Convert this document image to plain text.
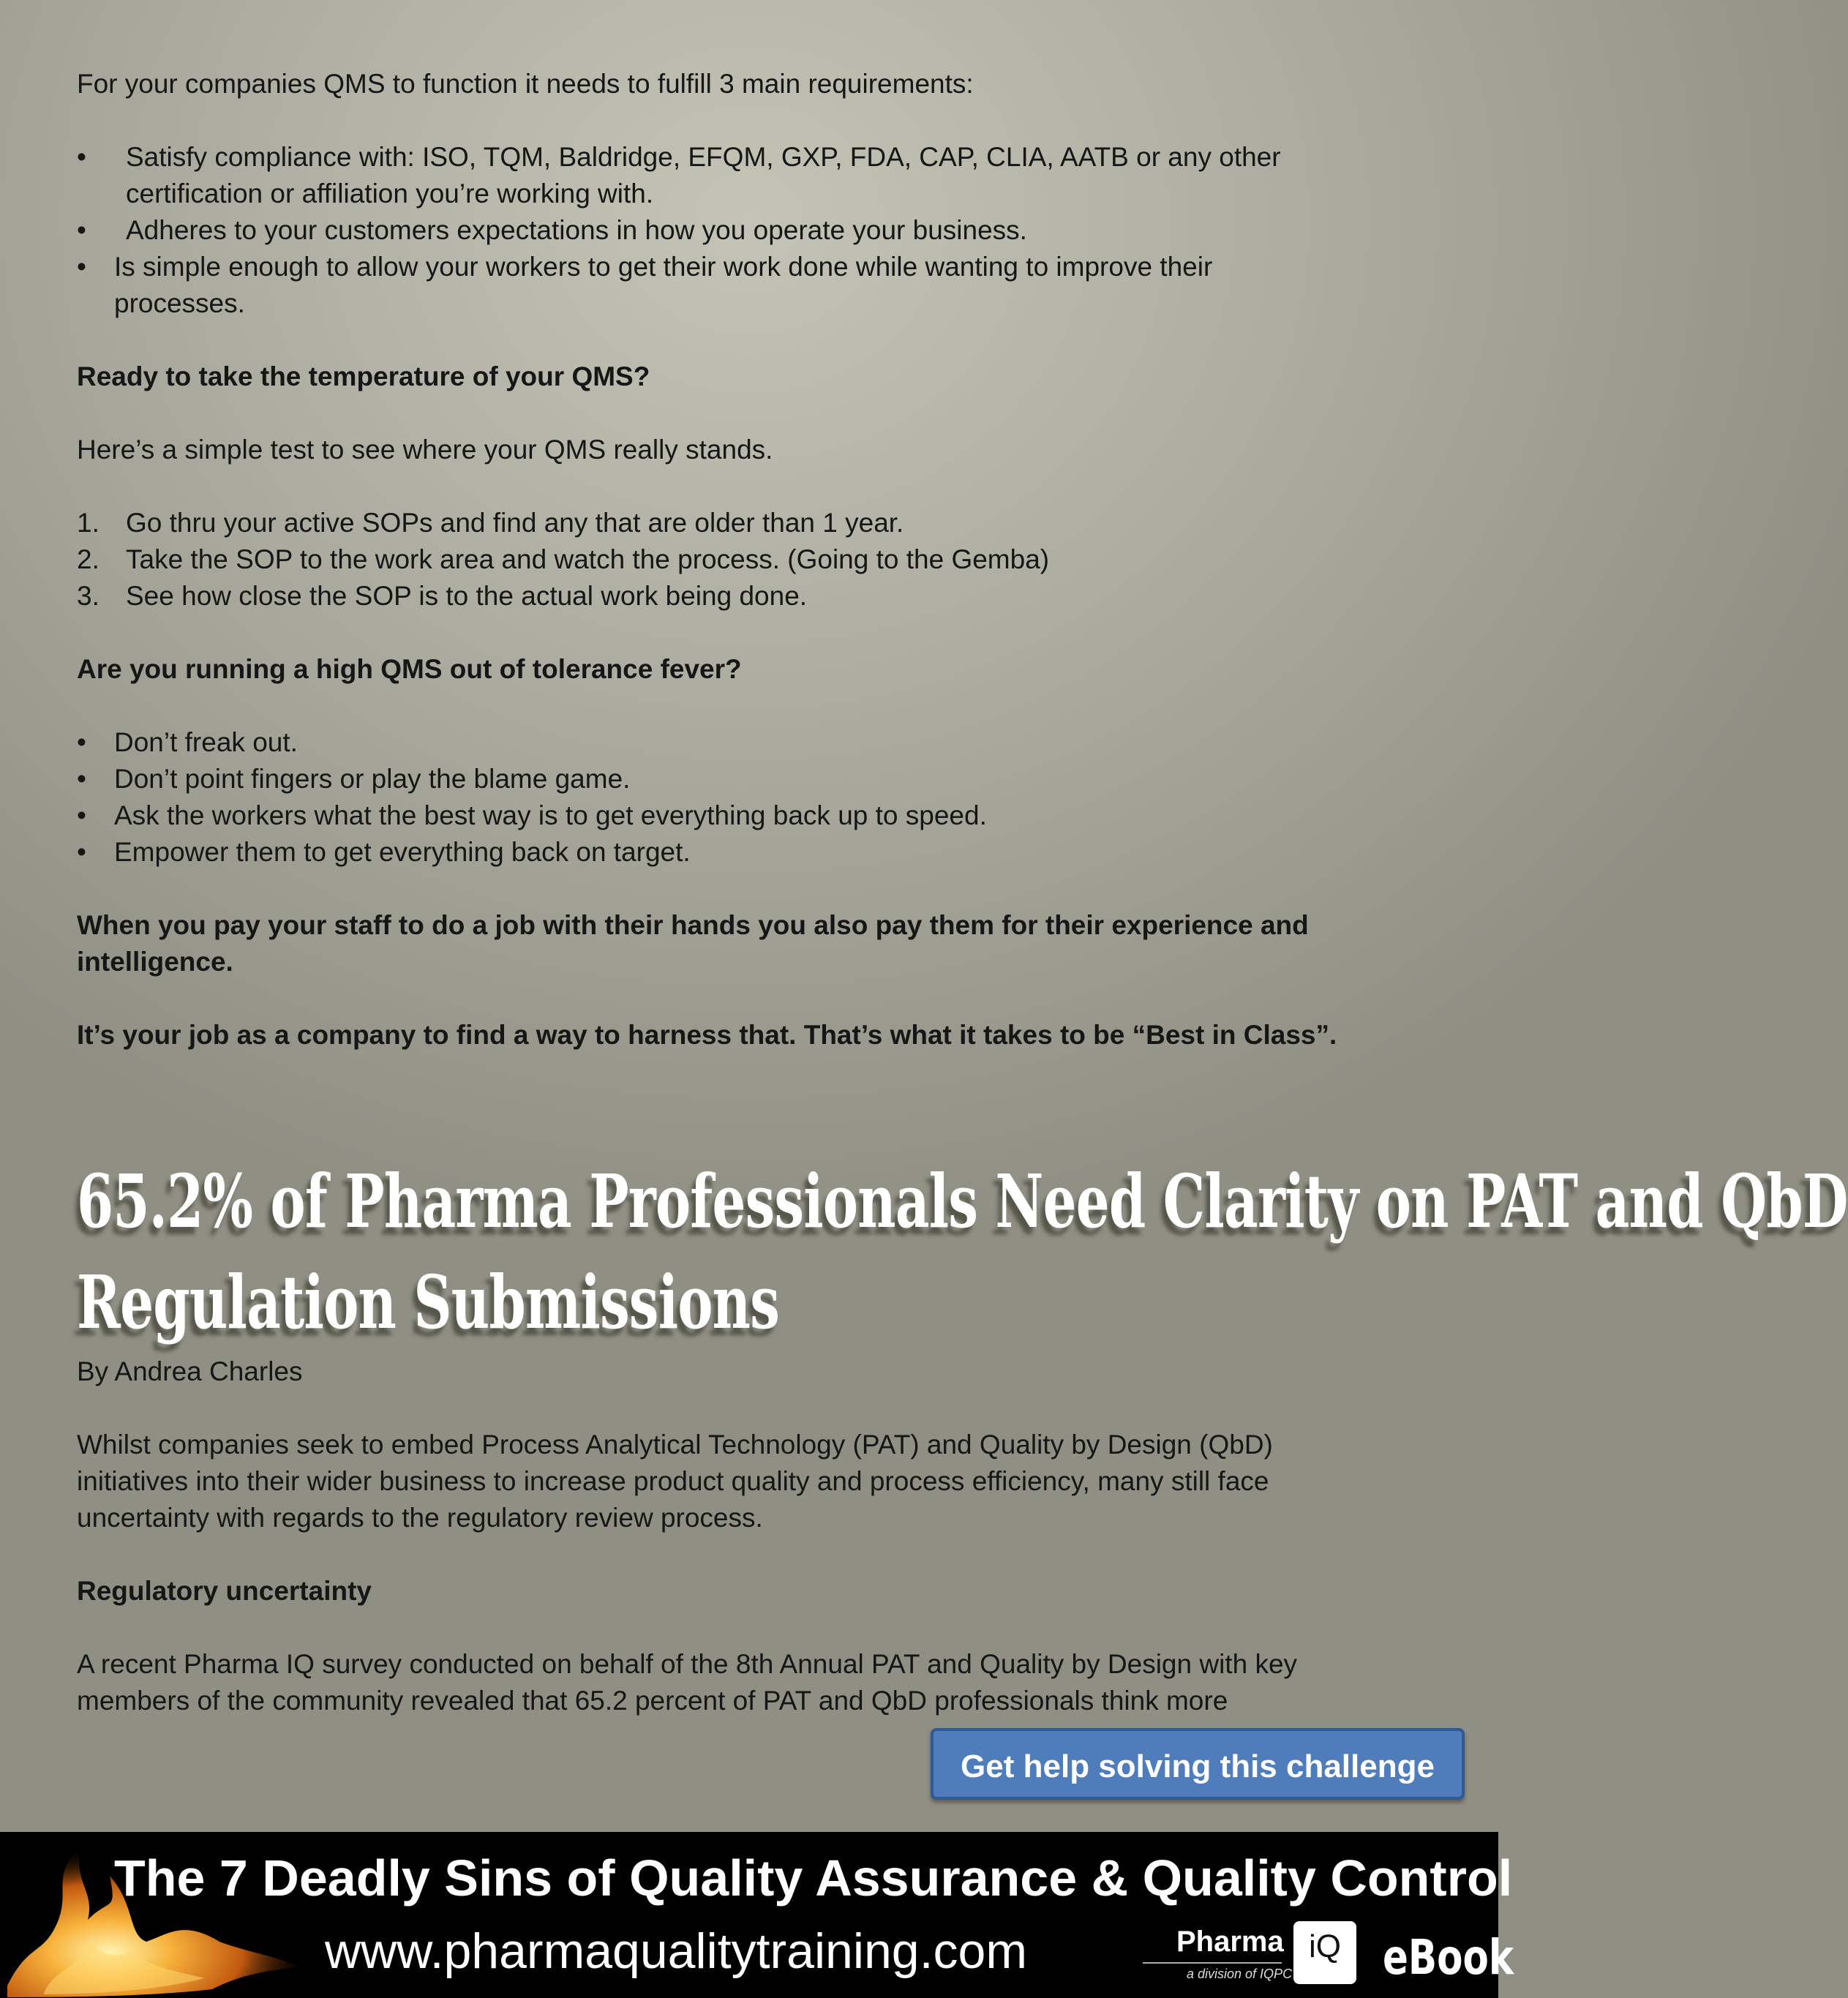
For your companies QMS to function it needs to fulfill 3 main requirements:
• Satisfy compliance with: ISO, TQM, Baldridge, EFQM, GXP, FDA, CAP, CLIA, AATB or any other
certification or affiliation you’re working with.
• Adheres to your customers expectations in how you operate your business.
• Is simple enough to allow your workers to get their work done while wanting to improve their
processes.
Ready to take the temperature of your QMS?
Here’s a simple test to see where your QMS really stands.
1. Go thru your active SOPs and find any that are older than 1 year.
2. Take the SOP to the work area and watch the process. (Going to the Gemba)
3. See how close the SOP is to the actual work being done.
Are you running a high QMS out of tolerance fever?
• Don’t freak out.
• Don’t point fingers or play the blame game.
• Ask the workers what the best way is to get everything back up to speed.
• Empower them to get everything back on target.
When you pay your staff to do a job with their hands you also pay them for their experience and
intelligence.
It’s your job as a company to find a way to harness that. That’s what it takes to be “Best in Class”.
65.2% of Pharma Professionals Need Clarity on PAT and QbD
Regulation Submissions
By Andrea Charles
Whilst companies seek to embed Process Analytical Technology (PAT) and Quality by Design (QbD)
initiatives into their wider business to increase product quality and process efficiency, many still face
uncertainty with regards to the regulatory review process.
Regulatory uncertainty
A recent Pharma IQ survey conducted on behalf of the 8th Annual PAT and Quality by Design with key
members of the community revealed that 65.2 percent of PAT and QbD professionals think more
Get help solving this challenge
The 7 Deadly Sins of Quality Assurance & Quality Control
www.pharmaqualitytraining.com	Pharma
a division of IQPC
iQ eBook
